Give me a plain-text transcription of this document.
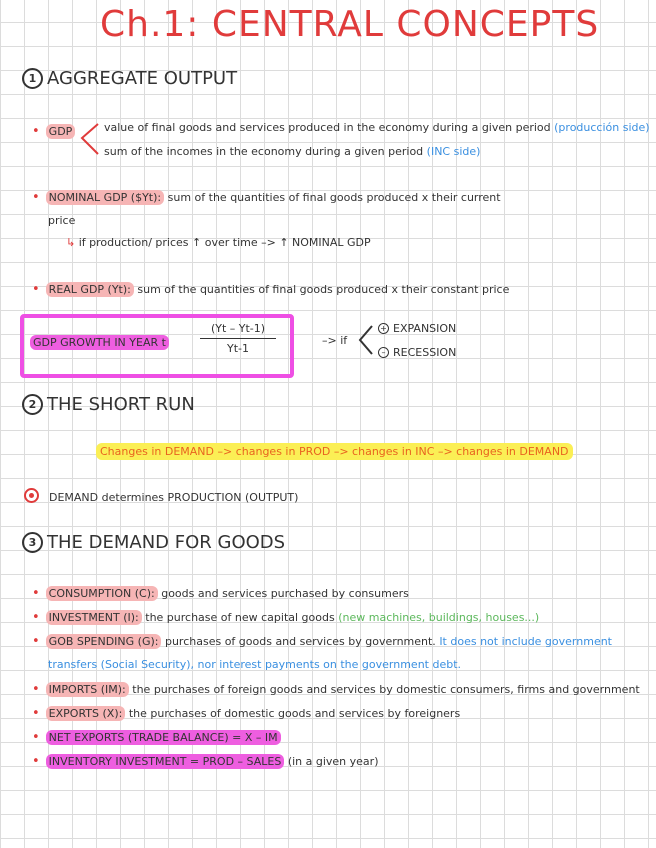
Ch.1: CENTRAL CONCEPTS
1 AGGREGATE OUTPUT
• GDP	value of final goods and services produced in the economy during a given period (producción side)
sum of the incomes in the economy during a given period (INC side)
• NOMINAL GDP ($Yt): sum of the quantities of final goods produced x their current
price
↳ if production/ prices ↑ over time –> ↑ NOMINAL GDP
• REAL GDP (Yt): sum of the quantities of final goods produced x their constant price
GDP GROWTH IN YEAR t
(Yt – Yt-1)
Yt-1
–> if
+ EXPANSION
– RECESSION
2 THE SHORT RUN
Changes in DEMAND –> changes in PROD –> changes in INC –> changes in DEMAND
DEMAND determines PRODUCTION (OUTPUT)
3 THE DEMAND FOR GOODS
• CONSUMPTION (C): goods and services purchased by consumers
• INVESTMENT (I): the purchase of new capital goods (new machines, buildings, houses...)
• GOB SPENDING (G): purchases of goods and services by government. It does not include government
transfers (Social Security), nor interest payments on the government debt.
• IMPORTS (IM): the purchases of foreign goods and services by domestic consumers, firms and government
• EXPORTS (X): the purchases of domestic goods and services by foreigners
• NET EXPORTS (TRADE BALANCE) = X – IM
• INVENTORY INVESTMENT = PROD – SALES (in a given year)
